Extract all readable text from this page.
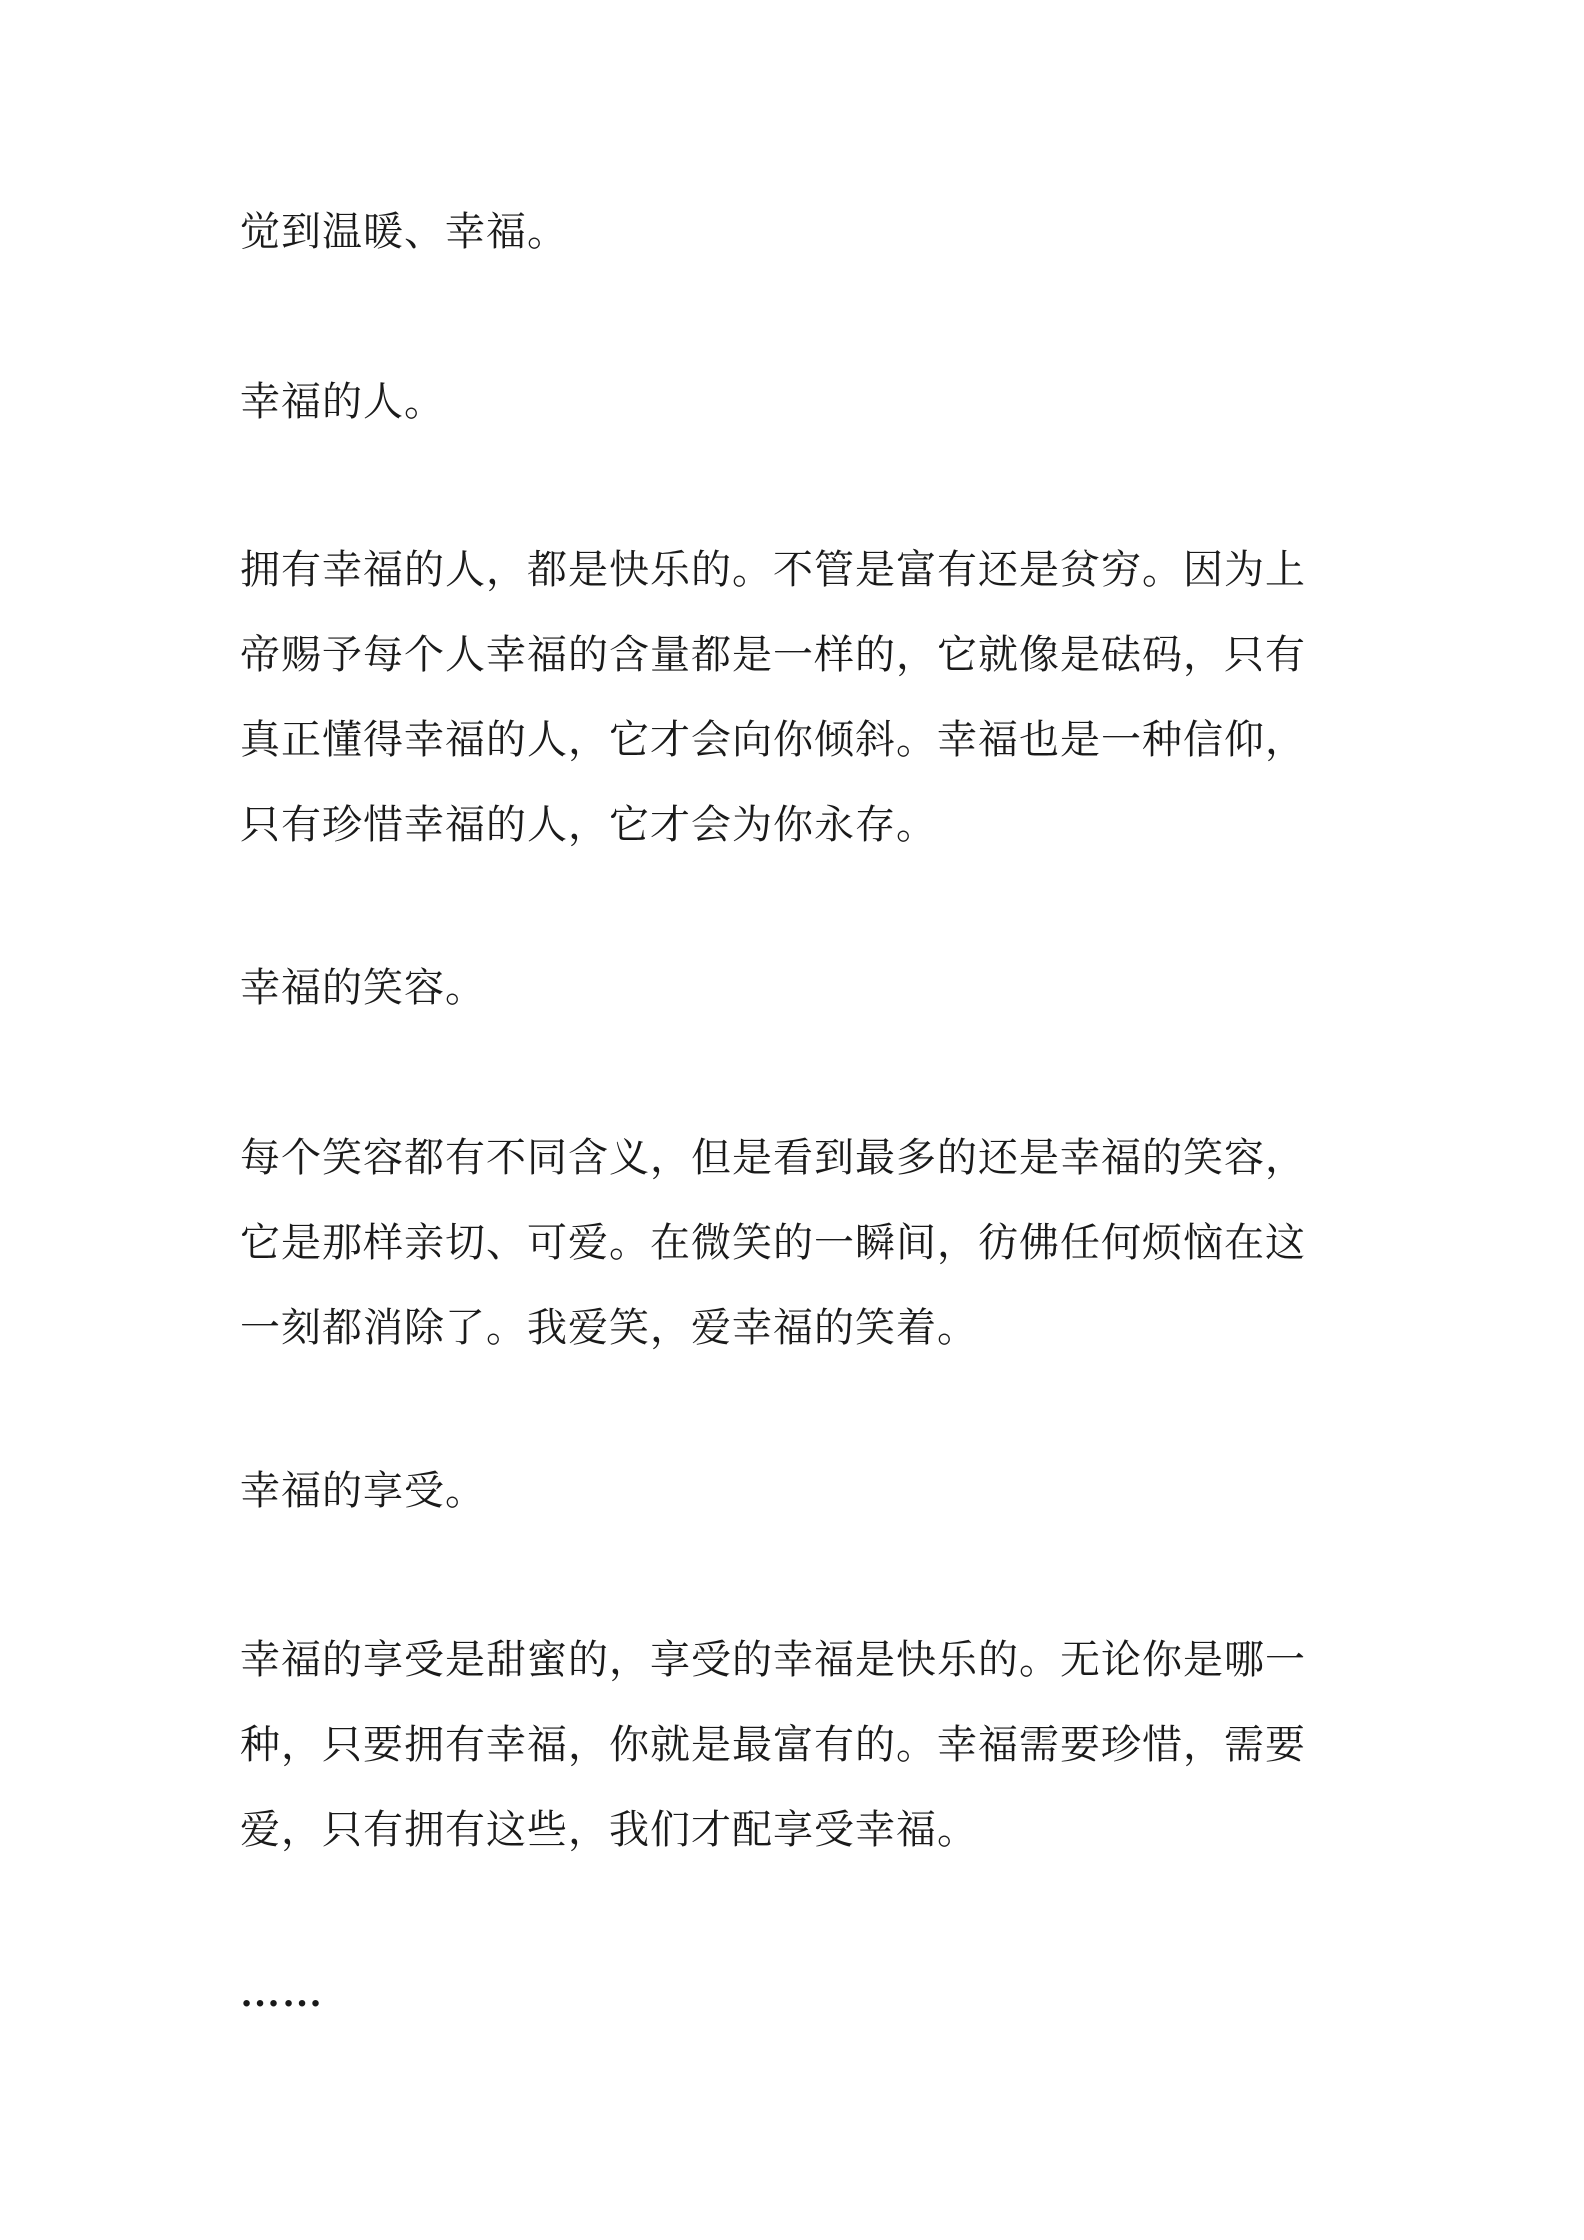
觉到温暖、幸福。
幸福的人。
拥有幸福的人，都是快乐的。不管是富有还是贫穷。因为上
帝赐予每个人幸福的含量都是一样的，它就像是砝码，只有
真正懂得幸福的人，它才会向你倾斜。幸福也是一种信仰，
只有珍惜幸福的人，它才会为你永存。
幸福的笑容。
每个笑容都有不同含义，但是看到最多的还是幸福的笑容，
它是那样亲切、可爱。在微笑的一瞬间，彷佛任何烦恼在这
一刻都消除了。我爱笑，爱幸福的笑着。
幸福的享受。
幸福的享受是甜蜜的，享受的幸福是快乐的。无论你是哪一
种，只要拥有幸福，你就是最富有的。幸福需要珍惜，需要
爱，只有拥有这些，我们才配享受幸福。
……
